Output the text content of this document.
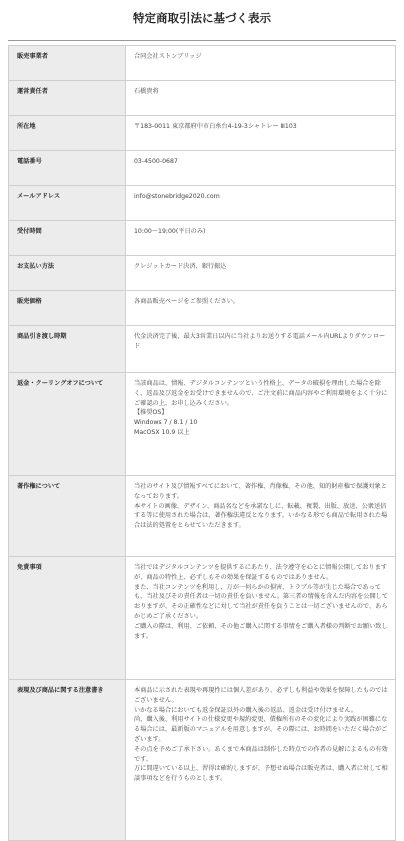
特定商取引法に基づく表示
販売事業者	合同会社ストンブリッジ

運営責任者	石橋貴将

所在地	〒183-0011 東京都府中市白糸台4-19-3シャトレー Ⅲ103

電話番号	03-4500-0687

メールアドレス	info@stonebridge2020.com

受付時間	10:00～19:00(平日のみ)

お支払い方法	クレジットカード決済、銀行振込

販売価格	各商品販売ページをご参照ください。

商品引き渡し時期	代金決済完了後、最大3営業日以内に当社よりお送りする電話メール内URLよりダウンロード

返金・クーリングオフについて	当該商品は、情報、デジタルコンテンツという性格上、データの破損を理由した場合を除く、返品及び返金をお受けできませんので、ご注文前に商品内容やご利用環境をよく十分にご確認の上、お申し込みください。
【推奨OS】
Windows 7 / 8.1 / 10
MacOSX 10.9 以上

著作権について	当社のサイト及び情報すべてにおいて、著作権、肖像権、その他、知的財産権で保護対象となっております。
本サイトの画像、デザイン、商品名などを承諾なしに、転載、複製、出版、放送、公衆送信する等に使用された場合は、著作権法違反となります。いかなる形でも商品で転用された場合は法的処置をとらせていただきます。

免責事項	当社ではデジタルコンテンツを提供するにあたり、法令遵守を心とに情報公開しておりますが、商品の特性上、必ずしもその効果を保証するものではありません。
また、当社コンテンツを利用し、万が一何らかの損害、トラブル等が生じた場合であっても、当社及びその責任者は一切の責任を負いません。第三者の情報を含んだ内容を公開しておりますが、その正確性などに対して当社が責任を負うことは一切ございませんので、あらかじめご了承ください。
ご購入の際は、利用、ご依頼、その他ご購入に関する事情をご購入者様の判断でお願い致します。

表現及び商品に関する注意書き	本商品に示された表現や再現性には個人差があり、必ずしも利益や効果を保障したものではございません。
いかなる場合においても返金保証以外の購入後の返品、返金は受け付けません。
尚、購入後、利用サイトの仕様変更や規約変更、債権所有のその変化により実践が困難になる場合には、最新版のマニュアルを用意しますが、その際には、お時間をいただく場合がございます。
その点を予めご了承下さい。あくまで本商品は制作した時点での作者の見解によるもの有効です。
万に間違いている以上、習得は確約しますが、予想せぬ場合は販売者は、購入者に対して相談事項などを行うものとします。
